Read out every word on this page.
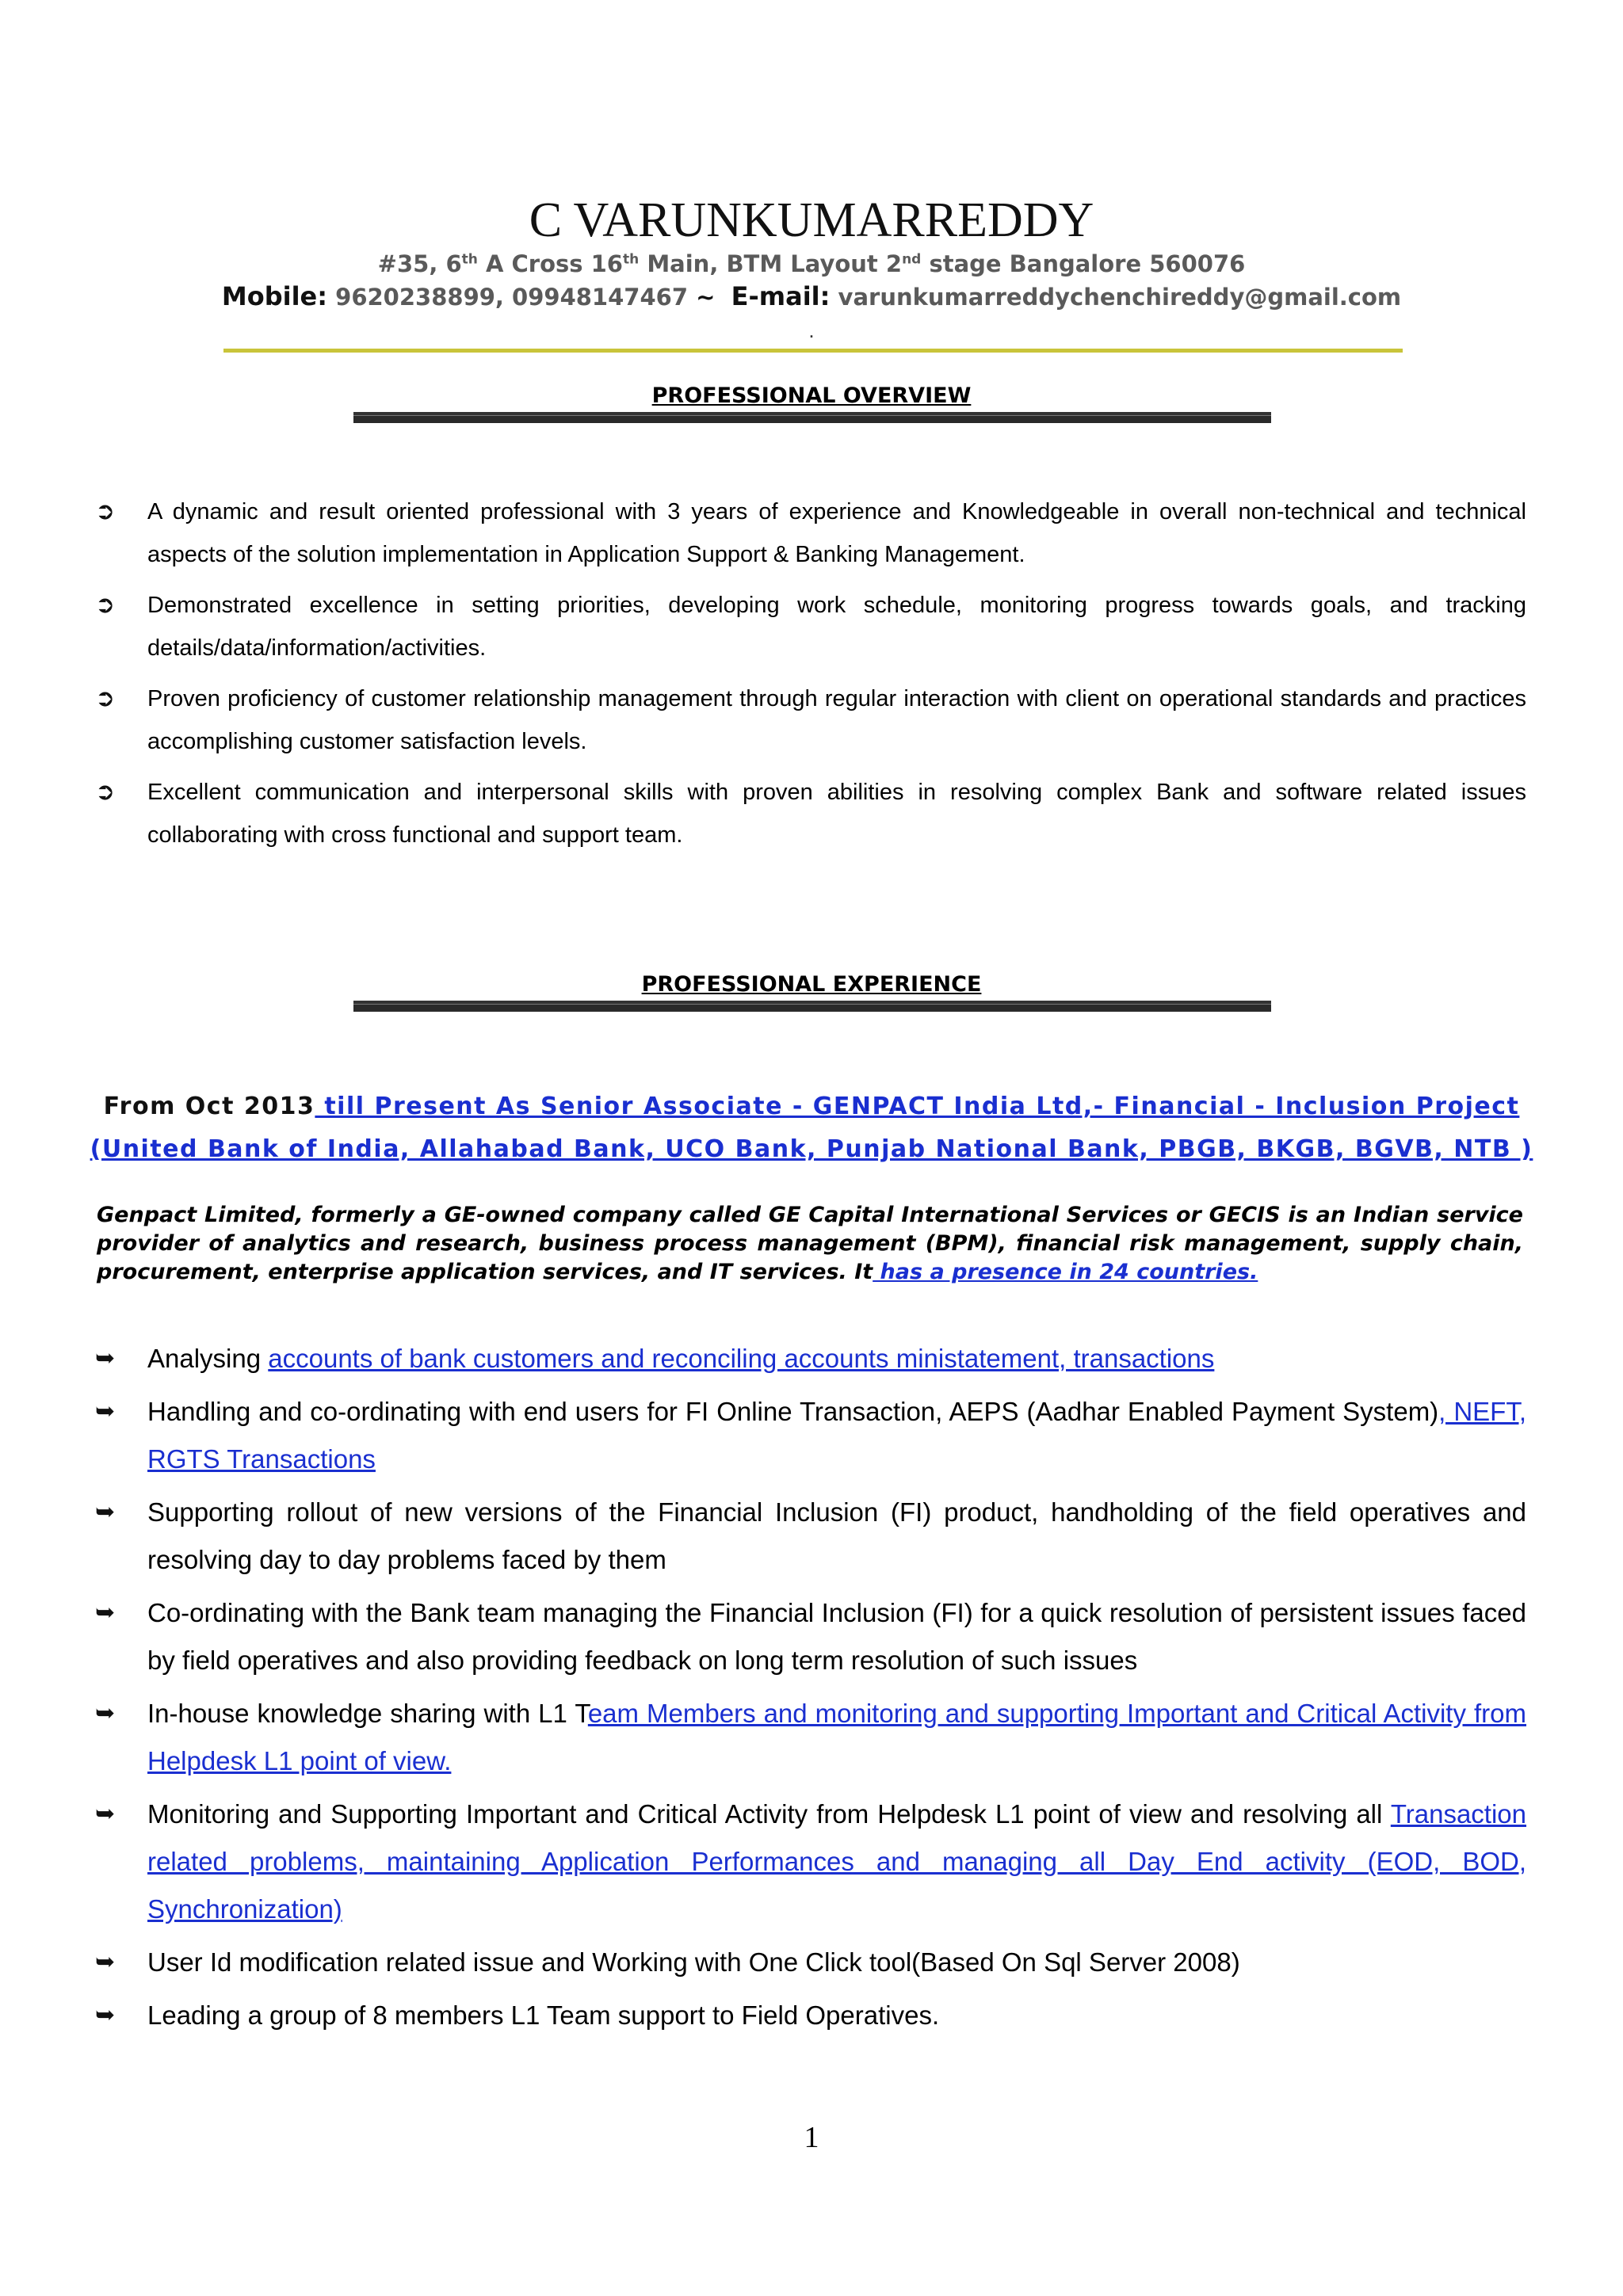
C VARUNKUMARREDDY
#35, 6th A Cross 16th Main, BTM Layout 2nd stage Bangalore 560076
Mobile: 9620238899, 09948147467 ~ E-mail: varunkumarreddychenchireddy@gmail.com
.
PROFESSIONAL OVERVIEW
➲ A dynamic and result oriented professional with 3 years of experience and Knowledgeable in overall non-technical and technical aspects of the solution implementation in Application Support & Banking Management.
➲ Demonstrated excellence in setting priorities, developing work schedule, monitoring progress towards goals, and tracking details/data/information/activities.
➲ Proven proficiency of customer relationship management through regular interaction with client on operational standards and practices accomplishing customer satisfaction levels.
➲ Excellent communication and interpersonal skills with proven abilities in resolving complex Bank and software related issues collaborating with cross functional and support team.
PROFESSIONAL EXPERIENCE
From Oct 2013 till Present As Senior Associate - GENPACT India Ltd,- Financial - Inclusion Project (United Bank of India, Allahabad Bank, UCO Bank, Punjab National Bank, PBGB, BKGB, BGVB, NTB )
Genpact Limited, formerly a GE-owned company called GE Capital International Services or GECIS is an Indian service provider of analytics and research, business process management (BPM), financial risk management, supply chain, procurement, enterprise application services, and IT services. It has a presence in 24 countries.
➥ Analysing accounts of bank customers and reconciling accounts ministatement, transactions
➥ Handling and co-ordinating with end users for FI Online Transaction, AEPS (Aadhar Enabled Payment System), NEFT, RGTS Transactions
➥ Supporting rollout of new versions of the Financial Inclusion (FI) product, handholding of the field operatives and resolving day to day problems faced by them
➥ Co-ordinating with the Bank team managing the Financial Inclusion (FI) for a quick resolution of persistent issues faced by field operatives and also providing feedback on long term resolution of such issues
➥ In-house knowledge sharing with L1 Team Members and monitoring and supporting Important and Critical Activity from Helpdesk L1 point of view.
➥ Monitoring and Supporting Important and Critical Activity from Helpdesk L1 point of view and resolving all Transaction related problems, maintaining Application Performances and managing all Day End activity (EOD, BOD, Synchronization)
➥ User Id modification related issue and Working with One Click tool(Based On Sql Server 2008)
➥ Leading a group of 8 members L1 Team support to Field Operatives.
1
